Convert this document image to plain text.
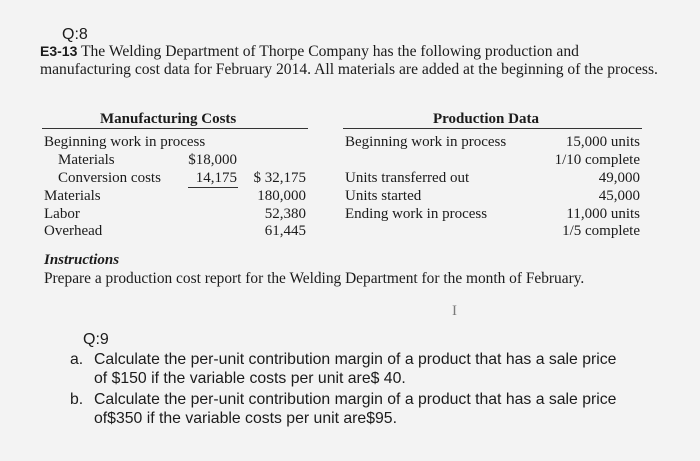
Q:8
E3-13 The Welding Department of Thorpe Company has the following production and manufacturing cost data for February 2014. All materials are added at the beginning of the process.
Manufacturing Costs
Beginning work in process
Materials	$18,000
Conversion costs	14,175	$ 32,175
Materials	180,000
Labor	52,380
Overhead	61,445
Production Data
Beginning work in process	15,000 units
1/10 complete
Units transferred out	49,000
Units started	45,000
Ending work in process	11,000 units
1/5 complete
Instructions
Prepare a production cost report for the Welding Department for the month of February.
I
Q:9
a. Calculate the per-unit contribution margin of a product that has a sale price
of $150 if the variable costs per unit are$ 40.
b. Calculate the per-unit contribution margin of a product that has a sale price
of$350 if the variable costs per unit are$95.
